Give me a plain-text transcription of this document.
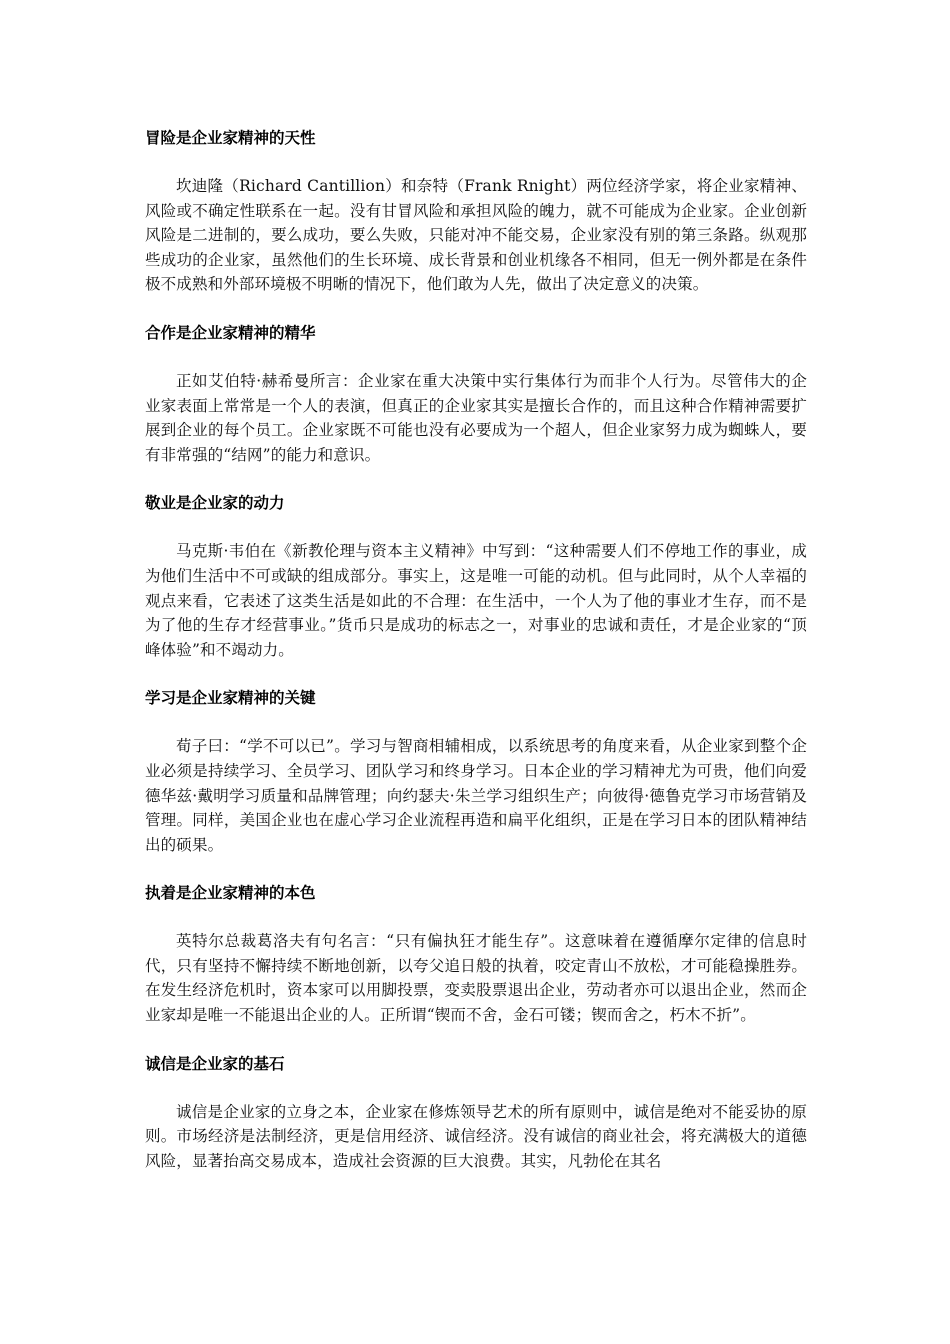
冒险是企业家精神的天性

坎迪隆（Richard Cantillion）和奈特（Frank Rnight）两位经济学家，将企业家精神、风险或不确定性联系在一起。没有甘冒风险和承担风险的魄力，就不可能成为企业家。企业创新风险是二进制的，要么成功，要么失败，只能对冲不能交易，企业家没有别的第三条路。纵观那些成功的企业家，虽然他们的生长环境、成长背景和创业机缘各不相同，但无一例外都是在条件极不成熟和外部环境极不明晰的情况下，他们敢为人先，做出了决定意义的决策。

合作是企业家精神的精华

正如艾伯特·赫希曼所言：企业家在重大决策中实行集体行为而非个人行为。尽管伟大的企业家表面上常常是一个人的表演，但真正的企业家其实是擅长合作的，而且这种合作精神需要扩展到企业的每个员工。企业家既不可能也没有必要成为一个超人，但企业家努力成为蜘蛛人，要有非常强的“结网”的能力和意识。

敬业是企业家的动力

马克斯·韦伯在《新教伦理与资本主义精神》中写到：“这种需要人们不停地工作的事业，成为他们生活中不可或缺的组成部分。事实上，这是唯一可能的动机。但与此同时，从个人幸福的观点来看，它表述了这类生活是如此的不合理：在生活中，一个人为了他的事业才生存，而不是为了他的生存才经营事业。”货币只是成功的标志之一，对事业的忠诚和责任，才是企业家的“顶峰体验”和不竭动力。

学习是企业家精神的关键

荀子曰：“学不可以已”。学习与智商相辅相成，以系统思考的角度来看，从企业家到整个企业必须是持续学习、全员学习、团队学习和终身学习。日本企业的学习精神尤为可贵，他们向爱德华兹·戴明学习质量和品牌管理；向约瑟夫·朱兰学习组织生产；向彼得·德鲁克学习市场营销及管理。同样，美国企业也在虚心学习企业流程再造和扁平化组织，正是在学习日本的团队精神结出的硕果。

执着是企业家精神的本色

英特尔总裁葛洛夫有句名言：“只有偏执狂才能生存”。这意味着在遵循摩尔定律的信息时代，只有坚持不懈持续不断地创新，以夸父追日般的执着，咬定青山不放松，才可能稳操胜券。在发生经济危机时，资本家可以用脚投票，变卖股票退出企业，劳动者亦可以退出企业，然而企业家却是唯一不能退出企业的人。正所谓“锲而不舍，金石可镂；锲而舍之，朽木不折”。

诚信是企业家的基石

诚信是企业家的立身之本，企业家在修炼领导艺术的所有原则中，诚信是绝对不能妥协的原则。市场经济是法制经济，更是信用经济、诚信经济。没有诚信的商业社会，将充满极大的道德风险，显著抬高交易成本，造成社会资源的巨大浪费。其实，凡勃伦在其名
